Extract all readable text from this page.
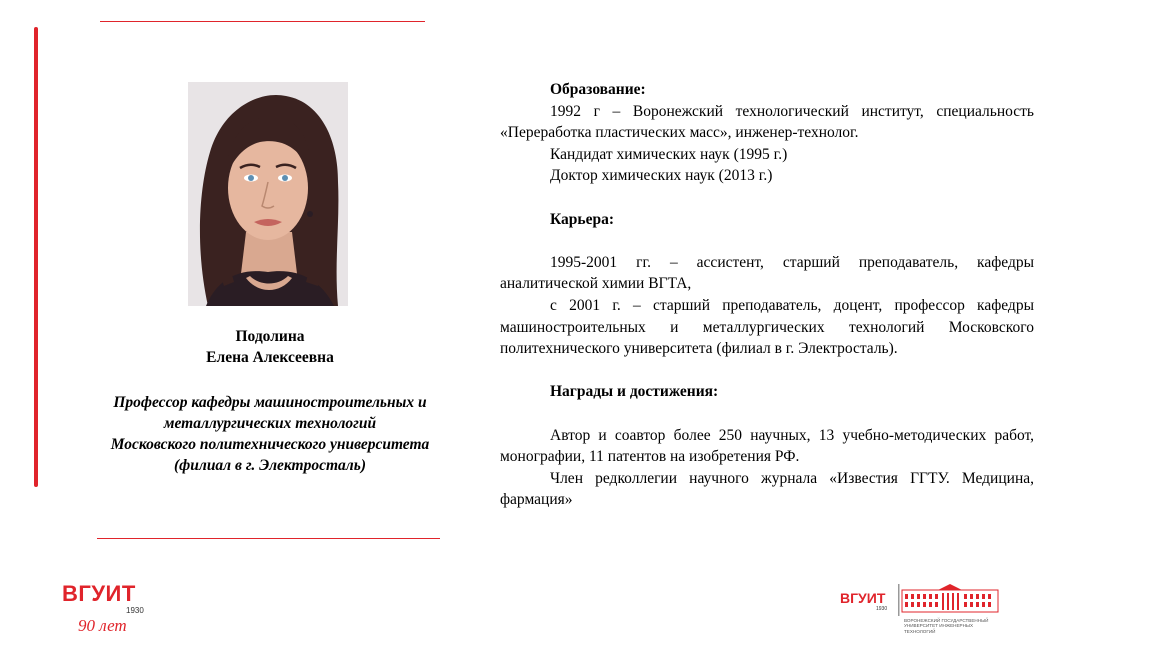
Подолина
Елена Алексеевна
Профессор кафедры машиностроительных и
металлургических технологий
Московского политехнического университета
(филиал в г. Электросталь)

Образование:

1992 г – Воронежский технологический институт, специальность «Переработка пластических масс», инженер-технолог.

Кандидат химических наук (1995 г.)

Доктор химических наук (2013 г.)

Карьера:

1995-2001 гг. – ассистент, старший преподаватель, кафедры аналитической химии ВГТА,

с 2001 г. – старший преподаватель, доцент, профессор кафедры машиностроительных и металлургических технологий Московского политехнического университета (филиал в г. Электросталь).

Награды и достижения:

Автор и соавтор более 250 научных, 13 учебно-методических работ, монографии, 11 патентов на изобретения РФ.

Член редколлегии научного журнала «Известия ГГТУ. Медицина, фармация»

ВГУИТ
1930
90 лет
ВГУИТ
1930
ВОРОНЕЖСКИЙ ГОСУДАРСТВЕННЫЙ
УНИВЕРСИТЕТ ИНЖЕНЕРНЫХ
ТЕХНОЛОГИЙ
